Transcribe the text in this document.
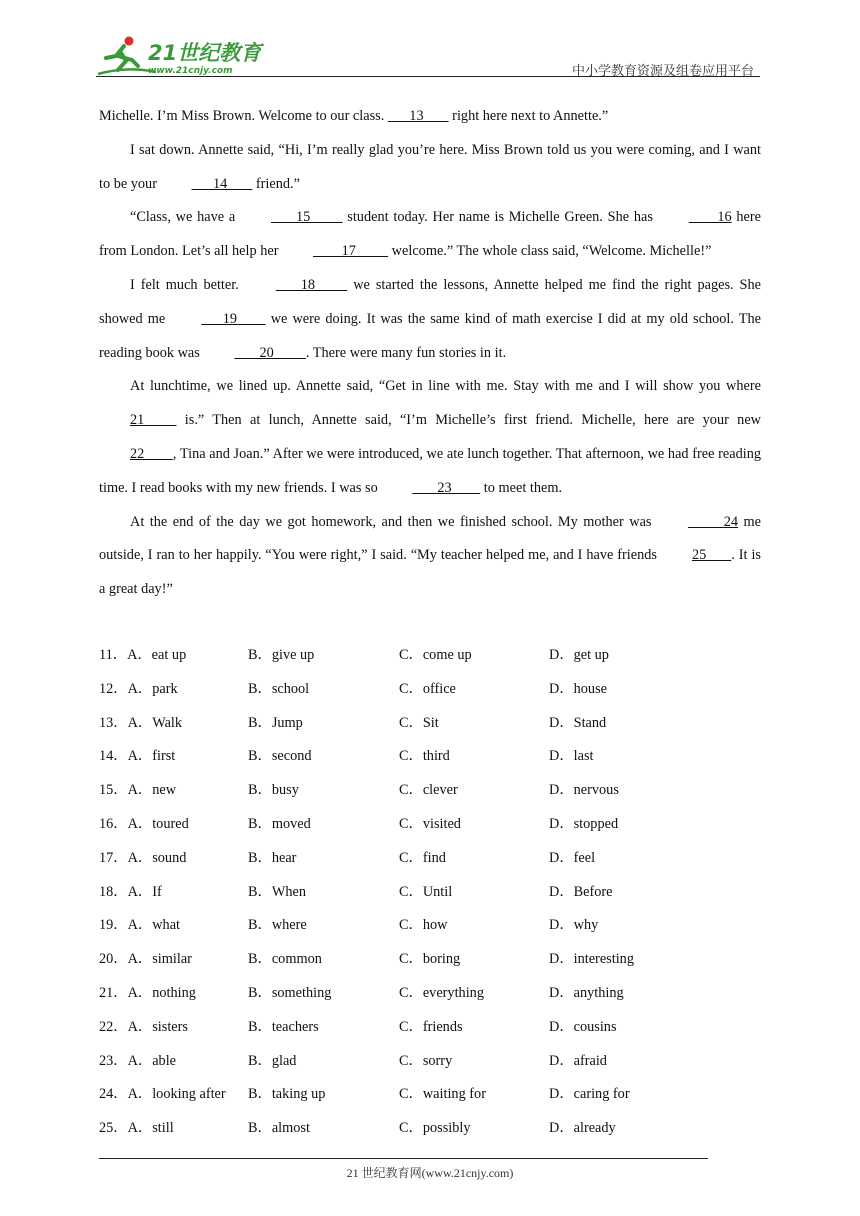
21世纪教育
www.21cnjy.com	中小学教育资源及组卷应用平台

Michelle. I’m Miss Brown. Welcome to our class.       13        right here next to Annette.”

I sat down. Annette said, “Hi, I’m really glad you’re here. Miss Brown told us you were coming, and I want to be your       14        friend.”

“Class, we have a        15          student today. Her name is Michelle Green. She has         16 here from London. Let’s all help her         17          welcome.” The whole class said, “Welcome. Michelle!”

I felt much better.        18          we started the lessons, Annette helped me find the right pages. She showed me       19         we were doing. It was the same kind of math exercise I did at my old school. The reading book was        20         . There were many fun stories in it.

At lunchtime, we lined up. Annette said, “Get in line with me. Stay with me and I will show you where 21          is.” Then at lunch, Annette said, “I’m Michelle’s first friend. Michelle, here are your new 22        , Tina and Joan.” After we were introduced, we ate lunch together. That afternoon, we had free reading time. I read books with my new friends. I was so        23         to meet them.

At the end of the day we got homework, and then we finished school. My mother was           24 me outside, I ran to her happily. “You were right,” I said. “My teacher helped me, and I have friends 25       . It is a great day!”

11．A．eat up	B．give up	C．come up	D．get up
12．A．park	B．school	C．office	D．house
13．A．Walk	B．Jump	C．Sit	D．Stand
14．A．first	B．second	C．third	D．last
15．A．new	B．busy	C．clever	D．nervous
16．A．toured	B．moved	C．visited	D．stopped
17．A．sound	B．hear	C．find	D．feel
18．A．If	B．When	C．Until	D．Before
19．A．what	B．where	C．how	D．why
20．A．similar	B．common	C．boring	D．interesting
21．A．nothing	B．something	C．everything	D．anything
22．A．sisters	B．teachers	C．friends	D．cousins
23．A．able	B．glad	C．sorry	D．afraid
24．A．looking after B．taking up	C．waiting for	D．caring for
25．A．still	B．almost	C．possibly	D．already
21 世纪教育网(www.21cnjy.com)
